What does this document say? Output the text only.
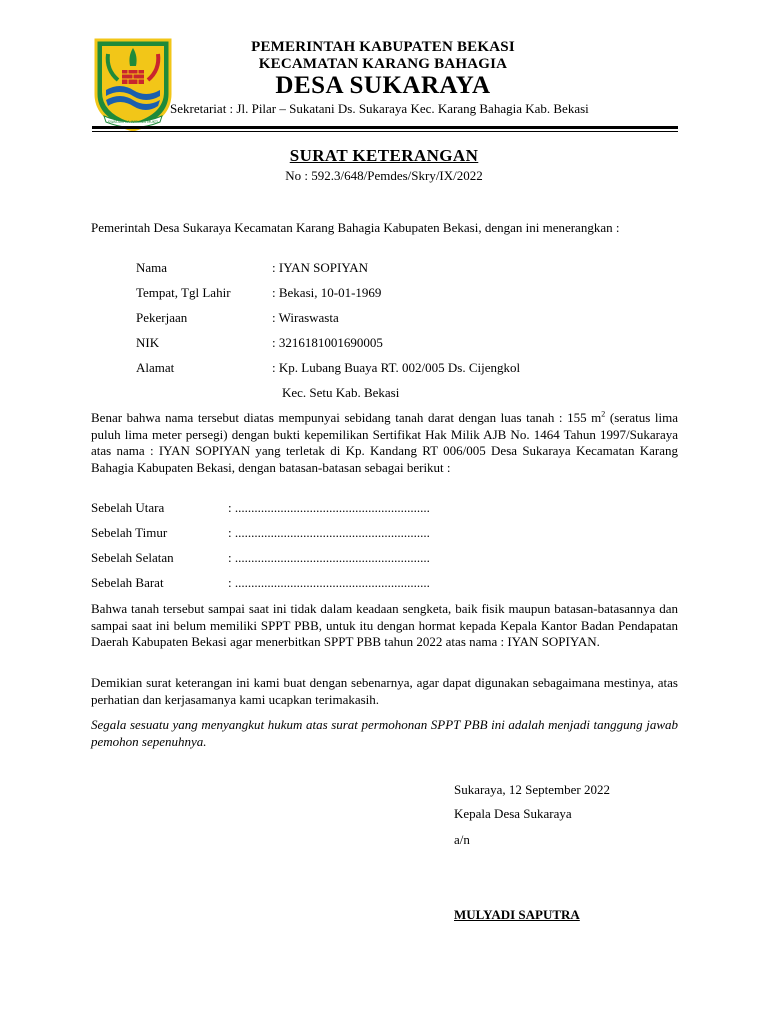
SWATANTRA WIBAWA MUKTI
PEMERINTAH KABUPATEN BEKASI
KECAMATAN KARANG BAHAGIA
DESA SUKARAYA
Sekretariat : Jl. Pilar – Sukatani Ds. Sukaraya Kec. Karang Bahagia Kab. Bekasi
SURAT KETERANGAN
No : 592.3/648/Pemdes/Skry/IX/2022
Pemerintah Desa Sukaraya Kecamatan Karang Bahagia Kabupaten Bekasi, dengan ini menerangkan :
Nama	: IYAN SOPIYAN
Tempat, Tgl Lahir	: Bekasi, 10-01-1969
Pekerjaan	: Wiraswasta
NIK	: 3216181001690005
Alamat	: Kp. Lubang Buaya RT. 002/005 Ds. Cijengkol
Kec. Setu Kab. Bekasi
Benar bahwa nama tersebut diatas mempunyai sebidang tanah darat dengan luas tanah : 155 $m^2$ (seratus lima puluh lima meter persegi) dengan bukti kepemilikan Sertifikat Hak Milik AJB No. 1464 Tahun 1997/Sukaraya atas nama : IYAN SOPIYAN yang terletak di Kp. Kandang RT 006/005 Desa Sukaraya Kecamatan Karang Bahagia Kabupaten Bekasi, dengan batasan-batasan sebagai berikut :
Sebelah Utara	: ............................................................
Sebelah Timur	: ............................................................
Sebelah Selatan	: ............................................................
Sebelah Barat	: ............................................................
Bahwa tanah tersebut sampai saat ini tidak dalam keadaan sengketa, baik fisik maupun batasan-batasannya dan sampai saat ini belum memiliki SPPT PBB, untuk itu dengan hormat kepada Kepala Kantor Badan Pendapatan Daerah Kabupaten Bekasi agar menerbitkan SPPT PBB tahun 2022 atas nama : IYAN SOPIYAN.
Demikian surat keterangan ini kami buat dengan sebenarnya, agar dapat digunakan sebagaimana mestinya, atas perhatian dan kerjasamanya kami ucapkan terimakasih.
Segala sesuatu yang menyangkut hukum atas surat permohonan SPPT PBB ini adalah menjadi tanggung jawab pemohon sepenuhnya.
Sukaraya, 12 September 2022
Kepala Desa Sukaraya
a/n
MULYADI SAPUTRA
